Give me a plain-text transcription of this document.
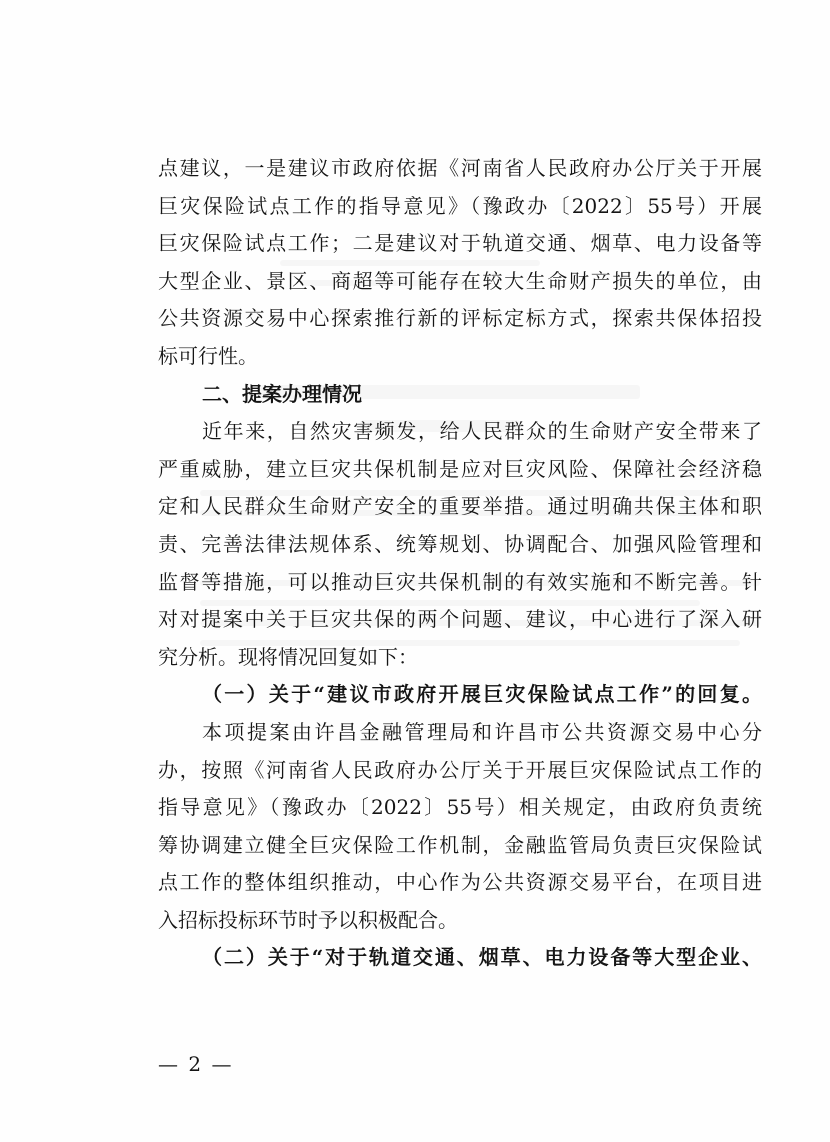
点建议，一是建议市政府依据《河南省人民政府办公厅关于开展
巨灾保险试点工作的指导意见》（豫政办〔2022〕55号）开展
巨灾保险试点工作；二是建议对于轨道交通、烟草、电力设备等
大型企业、景区、商超等可能存在较大生命财产损失的单位，由
公共资源交易中心探索推行新的评标定标方式，探索共保体招投
标可行性。
二、提案办理情况
近年来，自然灾害频发，给人民群众的生命财产安全带来了
严重威胁，建立巨灾共保机制是应对巨灾风险、保障社会经济稳
定和人民群众生命财产安全的重要举措。通过明确共保主体和职
责、完善法律法规体系、统筹规划、协调配合、加强风险管理和
监督等措施，可以推动巨灾共保机制的有效实施和不断完善。针
对对提案中关于巨灾共保的两个问题、建议，中心进行了深入研
究分析。现将情况回复如下：
（一）关于“建议市政府开展巨灾保险试点工作”的回复。
本项提案由许昌金融管理局和许昌市公共资源交易中心分
办，按照《河南省人民政府办公厅关于开展巨灾保险试点工作的
指导意见》（豫政办〔2022〕55号）相关规定，由政府负责统
筹协调建立健全巨灾保险工作机制，金融监管局负责巨灾保险试
点工作的整体组织推动，中心作为公共资源交易平台，在项目进
入招标投标环节时予以积极配合。
（二）关于“对于轨道交通、烟草、电力设备等大型企业、
— 2 —
